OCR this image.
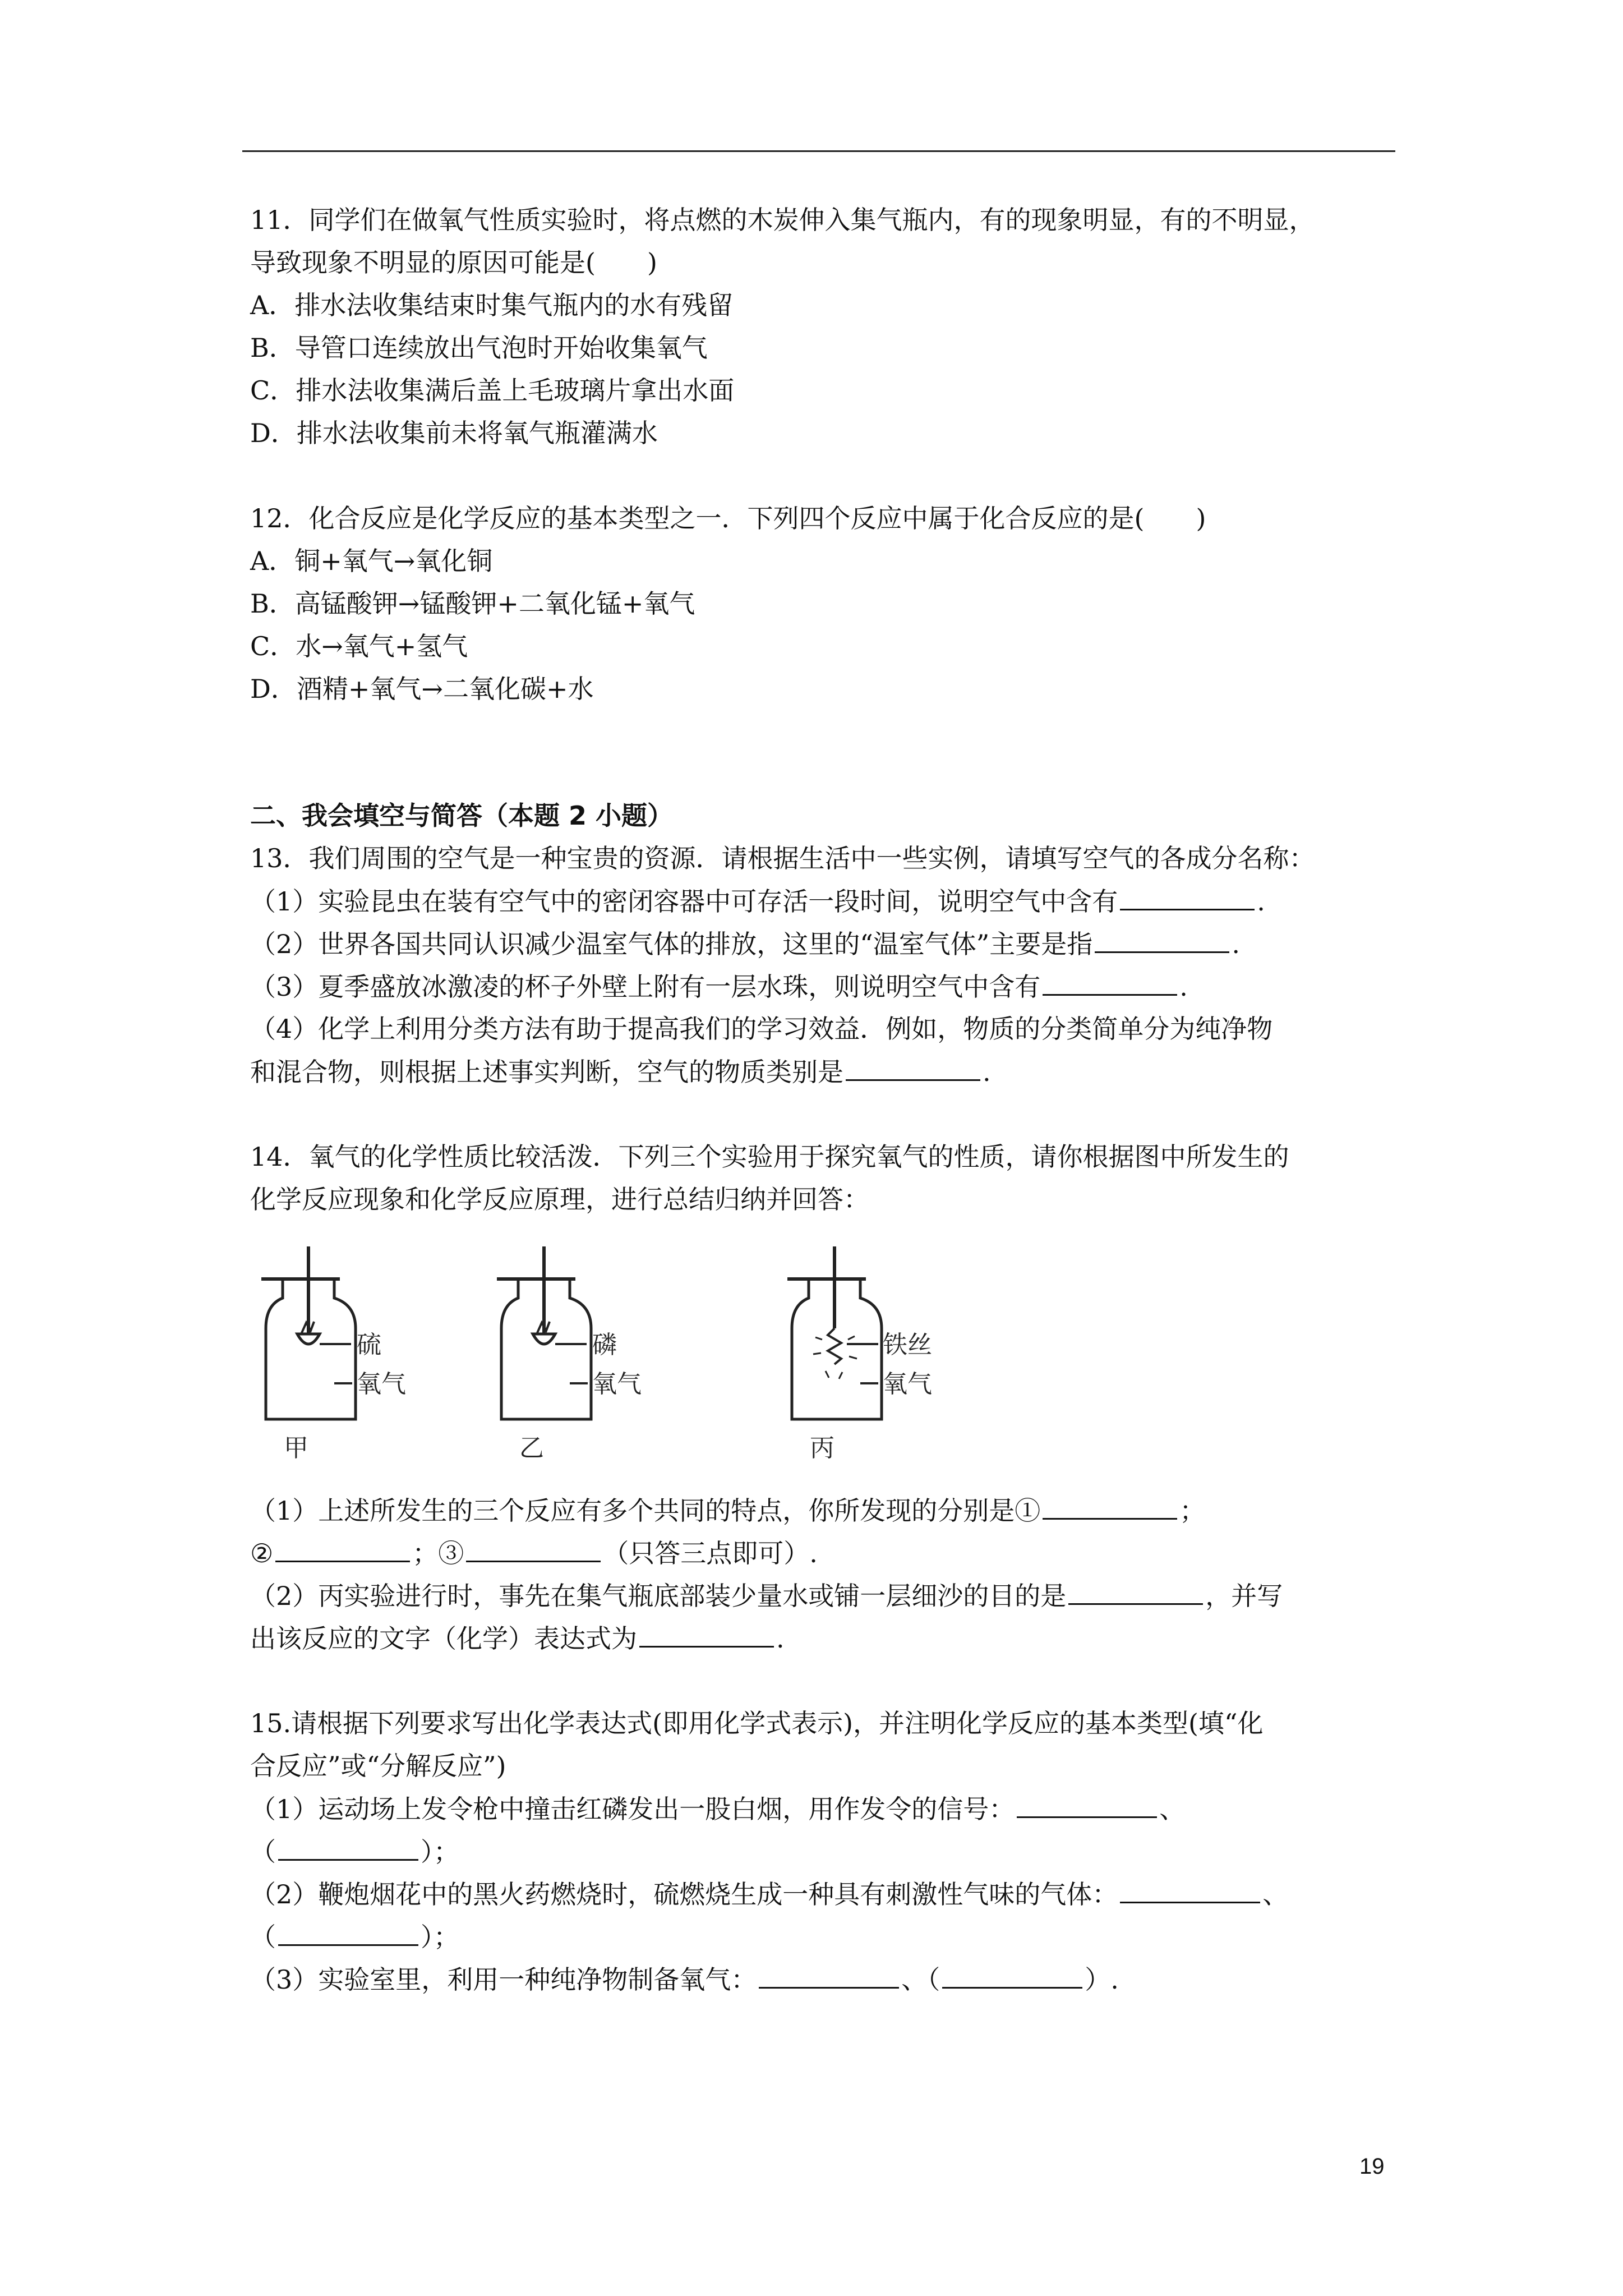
11．同学们在做氧气性质实验时，将点燃的木炭伸入集气瓶内，有的现象明显，有的不明显，
导致现象不明显的原因可能是(　　)
A．排水法收集结束时集气瓶内的水有残留
B．导管口连续放出气泡时开始收集氧气
C．排水法收集满后盖上毛玻璃片拿出水面
D．排水法收集前未将氧气瓶灌满水
12．化合反应是化学反应的基本类型之一．下列四个反应中属于化合反应的是(　　)
A．铜+氧气→氧化铜
B．高锰酸钾→锰酸钾+二氧化锰+氧气
C．水→氧气+氢气
D．酒精+氧气→二氧化碳+水
二、我会填空与简答（本题 2 小题）
13．我们周围的空气是一种宝贵的资源．请根据生活中一些实例，请填写空气的各成分名称：
（1）实验昆虫在装有空气中的密闭容器中可存活一段时间，说明空气中含有	.
（2）世界各国共同认识减少温室气体的排放，这里的“温室气体”主要是指	.
（3）夏季盛放冰激凌的杯子外壁上附有一层水珠，则说明空气中含有	.
（4）化学上利用分类方法有助于提高我们的学习效益．例如，物质的分类简单分为纯净物
和混合物，则根据上述事实判断，空气的物质类别是	.
14．氧气的化学性质比较活泼．下列三个实验用于探究氧气的性质，请你根据图中所发生的
化学反应现象和化学反应原理，进行总结归纳并回答：
硫
氧气
甲
磷
氧气
乙
铁丝
氧气
丙
（1）上述所发生的三个反应有多个共同的特点，你所发现的分别是①	；
②	；③	（只答三点即可）.
（2）丙实验进行时，事先在集气瓶底部装少量水或铺一层细沙的目的是	，并写
出该反应的文字（化学）表达式为	.
15.请根据下列要求写出化学表达式(即用化学式表示)，并注明化学反应的基本类型(填“化
合反应”或“分解反应”)
（1）运动场上发令枪中撞击红磷发出一股白烟，用作发令的信号：	、
（	）；
（2）鞭炮烟花中的黑火药燃烧时，硫燃烧生成一种具有刺激性气味的气体：	、
（	）；
（3）实验室里，利用一种纯净物制备氧气：	、（	）.
19
